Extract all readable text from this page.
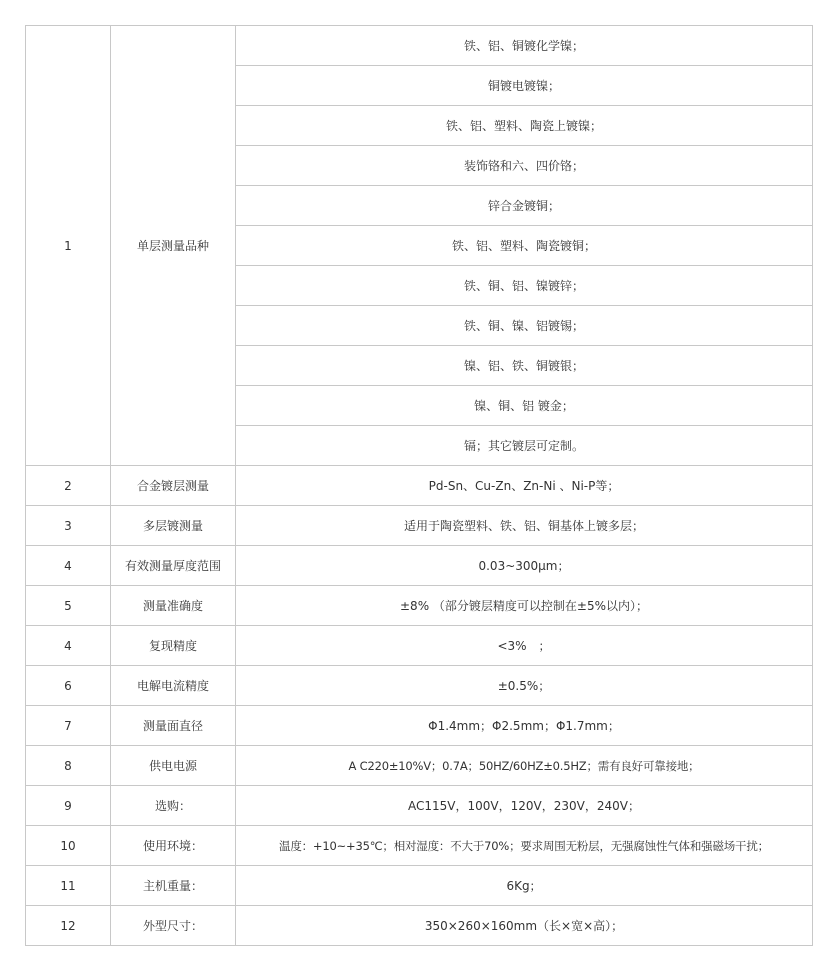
1	单层测量品种	铁、铝、铜镀化学镍；
		铜镀电镀镍；
		铁、铝、塑料、陶瓷上镀镍；
		装饰铬和六、四价铬；
		锌合金镀铜；
		铁、铝、塑料、陶瓷镀铜；
		铁、铜、铝、镍镀锌；
		铁、铜、镍、铝镀锡；
		镍、铝、铁、铜镀银；
		镍、铜、铝 镀金；
		镉；其它镀层可定制。
2	合金镀层测量	Pd-Sn、Cu-Zn、Zn-Ni 、Ni-P等；
3	多层镀测量	适用于陶瓷塑料、铁、铝、铜基体上镀多层；
4	有效测量厚度范围	0.03~300μm；
5	测量准确度	±8% （部分镀层精度可以控制在±5%以内）；
4	复现精度	<3%　；
6	电解电流精度	±0.5%；
7	测量面直径	Φ1.4mm；Φ2.5mm；Φ1.7mm；
8	供电电源	A C220±10%V；0.7A；50HZ/60HZ±0.5HZ；需有良好可靠接地；
9	选购：	AC115V，100V，120V，230V，240V；
10	使用环境：	温度：+10~+35℃；相对湿度：不大于70%；要求周围无粉层，无强腐蚀性气体和强磁场干扰；
11	主机重量：	6Kg；
12	外型尺寸：	350×260×160mm（长×宽×高）；
